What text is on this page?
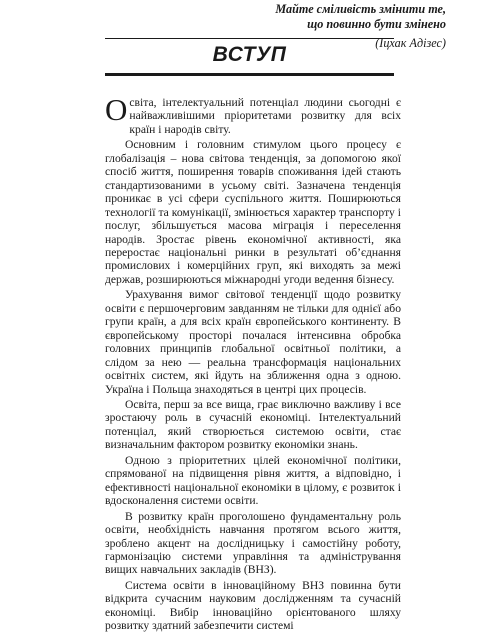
Майте сміливість змінити те,
що повинно бути змінено
(Іцхак Адізес)
ВСТУП

Освіта, інтелектуальний потенціал людини сьогодні є найважливішими пріоритетами розвитку для всіх країн і народів світу.

Основним і головним стимулом цього процесу є глобалізація – нова світова тенденція, за допомогою якої спосіб життя, поширення товарів споживання ідей стають стандартизованими в усьому світі. Зазначена тенденція проникає в усі сфери суспільного життя. Поширюються технології та комунікації, змінюється характер транспорту і послуг, збільшується масова міграція і переселення народів. Зростає рівень економічної активності, яка переростає національні ринки в результаті об’єднання промислових і комерційних груп, які виходять за межі держав, розширюються міжнародні угоди ведення бізнесу.

Урахування вимог світової тенденції щодо розвитку освіти є першочерговим завданням не тільки для однієї або групи країн, а для всіх країн європейського континенту. В європейському просторі почалася інтенсивна обробка головних принципів глобальної освітньої політики, а слідом за нею — реальна трансформація національних освітніх систем, які йдуть на зближення одна з одною. Україна і Польща знаходяться в центрі цих процесів.

Освіта, перш за все вища, грає виключно важливу і все зростаючу роль в сучасній економіці. Інтелектуальний потенціал, який створюється системою освіти, стає визначальним фактором розвитку економіки знань.

Одною з пріоритетних цілей економічної політики, спрямованої на підвищення рівня життя, а відповідно, і ефективності національної економіки в цілому, є розвиток і вдосконалення системи освіти.

В розвитку країн проголошено фундаментальну роль освіти, необхідність навчання протягом всього життя, зроблено акцент на дослідницьку і самостійну роботу, гармонізацію системи управління та адміністрування вищих навчальних закладів (ВНЗ).

Система освіти в інноваційному ВНЗ повинна бути відкрита сучасним науковим дослідженням та сучасній економіці. Вибір інноваційно орієнтованого шляху розвитку здатний забезпечити системі
